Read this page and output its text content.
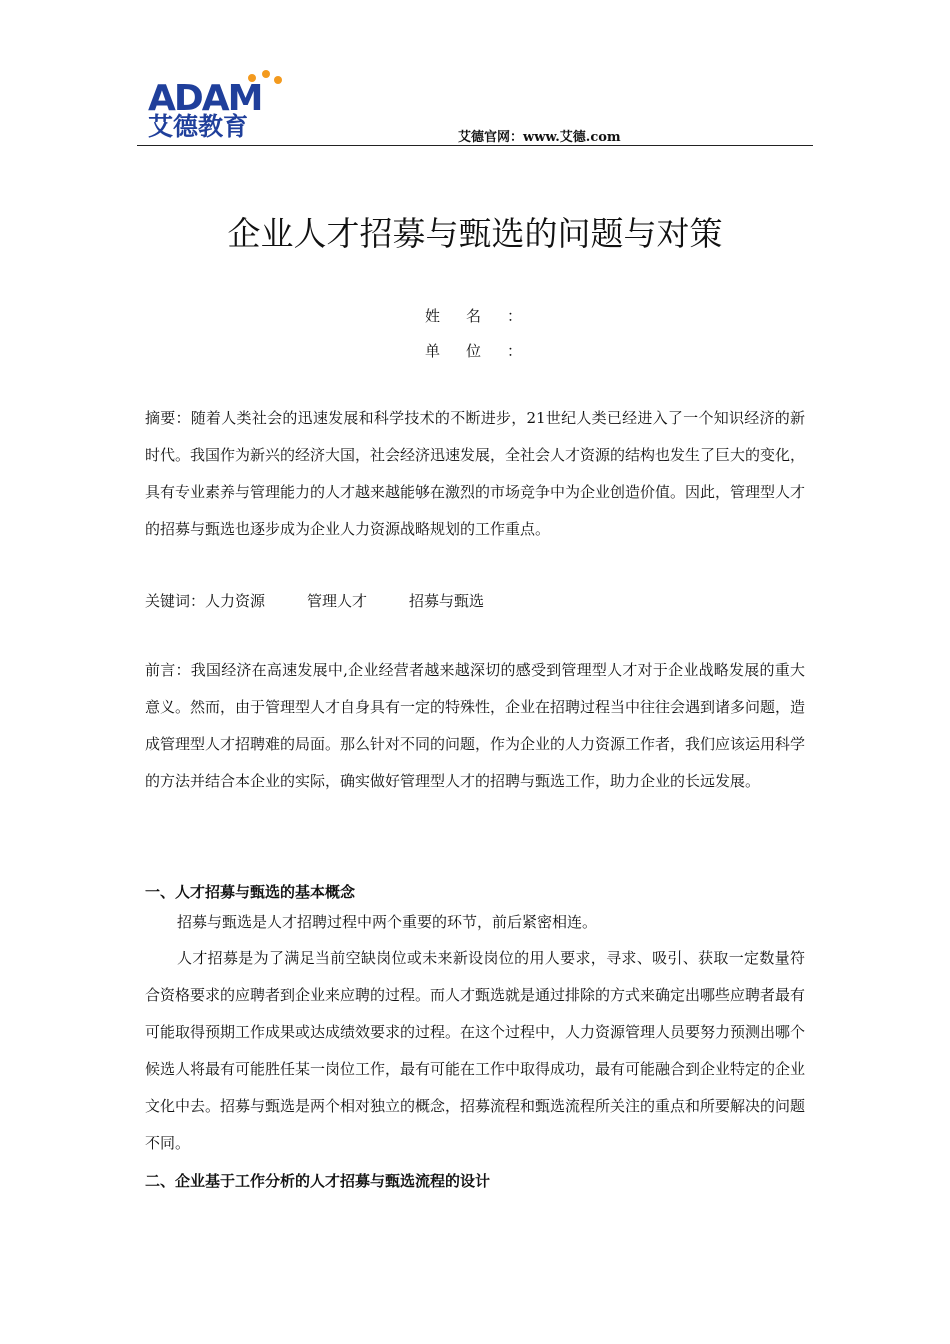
ADAM
艾德教育	艾德官网：www.艾德.com
企业人才招募与甄选的问题与对策
姓名：
单位：

摘要：随着人类社会的迅速发展和科学技术的不断进步，21世纪人类已经进入了一个知识经济的新时代。我国作为新兴的经济大国，社会经济迅速发展，全社会人才资源的结构也发生了巨大的变化，具有专业素养与管理能力的人才越来越能够在激烈的市场竞争中为企业创造价值。因此，管理型人才的招募与甄选也逐步成为企业人力资源战略规划的工作重点。

关键词：人力资源	管理人才	招募与甄选

前言：我国经济在高速发展中,企业经营者越来越深切的感受到管理型人才对于企业战略发展的重大意义。然而，由于管理型人才自身具有一定的特殊性，企业在招聘过程当中往往会遇到诸多问题，造成管理型人才招聘难的局面。那么针对不同的问题，作为企业的人力资源工作者，我们应该运用科学的方法并结合本企业的实际，确实做好管理型人才的招聘与甄选工作，助力企业的长远发展。

一、人才招募与甄选的基本概念

招募与甄选是人才招聘过程中两个重要的环节，前后紧密相连。

人才招募是为了满足当前空缺岗位或未来新设岗位的用人要求，寻求、吸引、获取一定数量符合资格要求的应聘者到企业来应聘的过程。而人才甄选就是通过排除的方式来确定出哪些应聘者最有可能取得预期工作成果或达成绩效要求的过程。在这个过程中，人力资源管理人员要努力预测出哪个候选人将最有可能胜任某一岗位工作，最有可能在工作中取得成功，最有可能融合到企业特定的企业文化中去。招募与甄选是两个相对独立的概念，招募流程和甄选流程所关注的重点和所要解决的问题不同。

二、企业基于工作分析的人才招募与甄选流程的设计
